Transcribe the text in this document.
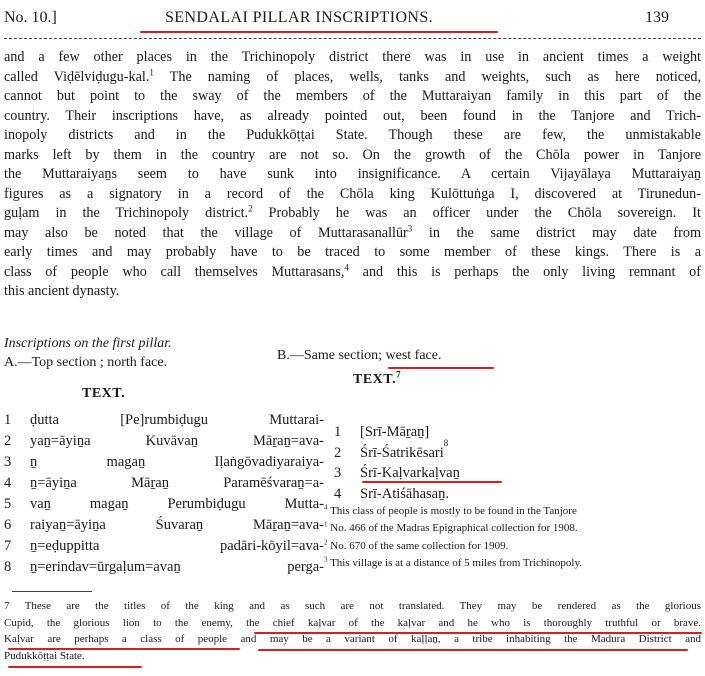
No. 10.]	SENDALAI PILLAR INSCRIPTIONS.	139
and a few other places in the Trichinopoly district there was in use in ancient times a weight
called Viḍēlviḍugu-kal.$^1$ The naming of places, wells, tanks and weights, such as here noticed,
cannot but point to the sway of the members of the Muttaraiyan family in this part of the
country. Their inscriptions have, as already pointed out, been found in the Tanjore and Trich-
inopoly districts and in the Pudukkōṭṭai State. Though these are few, the unmistakable
marks left by them in the country are not so. On the growth of the Chōla power in Tanjore
the Muttaraiyaṉs seem to have sunk into insignificance. A certain Vijayālaya Muttaraiyaṉ
figures as a signatory in a record of the Chōla king Kulōttuṅga I, discovered at Tirunedun-
guḷam in the Trichinopoly district.$^2$ Probably he was an officer under the Chōla sovereign. It
may also be noted that the village of Muttarasanallūr$^3$ in the same district may date from
early times and may probably have to be traced to some member of these kings. There is a
class of people who call themselves Muttarasans,$^4$ and this is perhaps the only living remnant of
this ancient dynasty.
Inscriptions on the first pillar.
A.—Top section ; north face.	B.—Same section; west face.
TEXT.
TEXT.$^7$
1	ḍutta [Pe]rumbiḍugu Muttarai-
2	yaṉ=āyiṉa Kuvāvaṉ Māṟaṉ=ava-
3	ṉ magaṉ Iḷaṅgōvadiyaraiya-
4	ṉ=āyiṉa Māṟaṉ Paramēśvaraṉ=a-
5	vaṉ magaṉ Perumbiḍugu Mutta-
6	raiyaṉ=āyiṉa Śuvaraṉ Māṟaṉ=ava-
7	ṉ=eḍuppitta padāri-kōyil=ava-
8	ṉ=erindav=ūrgaḷum=avaṉ perga-
1	[Srī-Māṟaṉ]
2	Śrī-Śatrikēsari
8
3	Śrī-Kaḷvarkaḷvaṉ
4	Srī-Atiśāhasaṉ.
$^4$ This class of people is mostly to be found in the Tanjore
$^1$ No. 466 of the Madras Epigraphical collection for 1908.
$^2$ No. 670 of the same collection for 1909.
$^3$ This village is at a distance of 5 miles from Trichinopoly.
7 These are the titles of the king and as such are not translated. They may be rendered as the glorious
Cupid, the glorious lion to the enemy, the chief kaḷvar of the kaḷvar and he who is thoroughly truthful or brave.
Kaḷvar are perhaps a class of people and may be a variant of kaḷḷaṉ, a tribe inhabiting the Madura District and
Pudukkōṭṭai State.
